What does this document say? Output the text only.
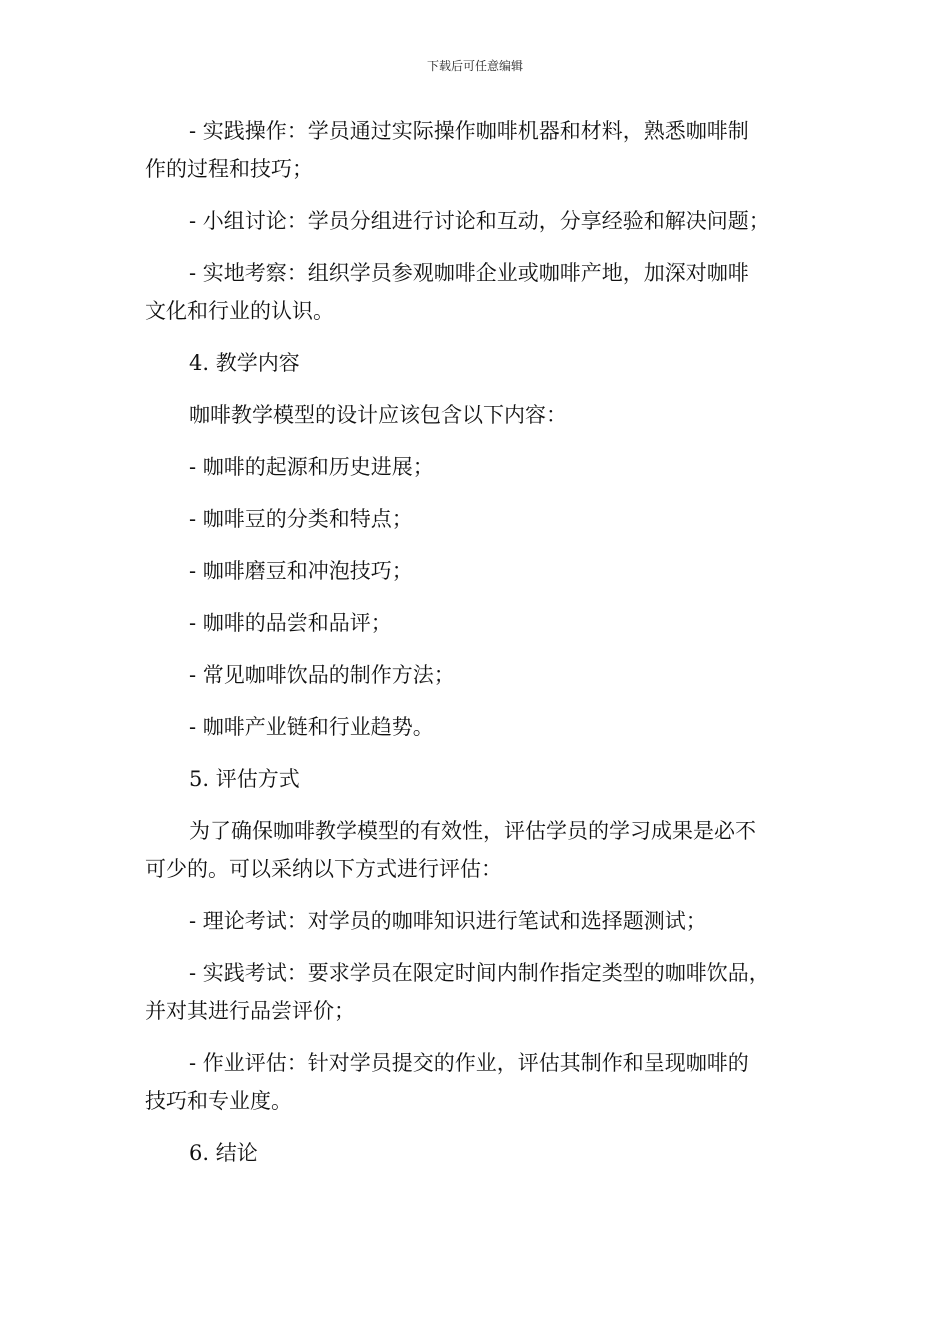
下载后可任意编辑
- 实践操作：学员通过实际操作咖啡机器和材料，熟悉咖啡制
作的过程和技巧；
- 小组讨论：学员分组进行讨论和互动，分享经验和解决问题；
- 实地考察：组织学员参观咖啡企业或咖啡产地，加深对咖啡
文化和行业的认识。
4. 教学内容
咖啡教学模型的设计应该包含以下内容：
- 咖啡的起源和历史进展；
- 咖啡豆的分类和特点；
- 咖啡磨豆和冲泡技巧；
- 咖啡的品尝和品评；
- 常见咖啡饮品的制作方法；
- 咖啡产业链和行业趋势。
5. 评估方式
为了确保咖啡教学模型的有效性，评估学员的学习成果是必不
可少的。可以采纳以下方式进行评估：
- 理论考试：对学员的咖啡知识进行笔试和选择题测试；
- 实践考试：要求学员在限定时间内制作指定类型的咖啡饮品，
并对其进行品尝评价；
- 作业评估：针对学员提交的作业，评估其制作和呈现咖啡的
技巧和专业度。
6. 结论
